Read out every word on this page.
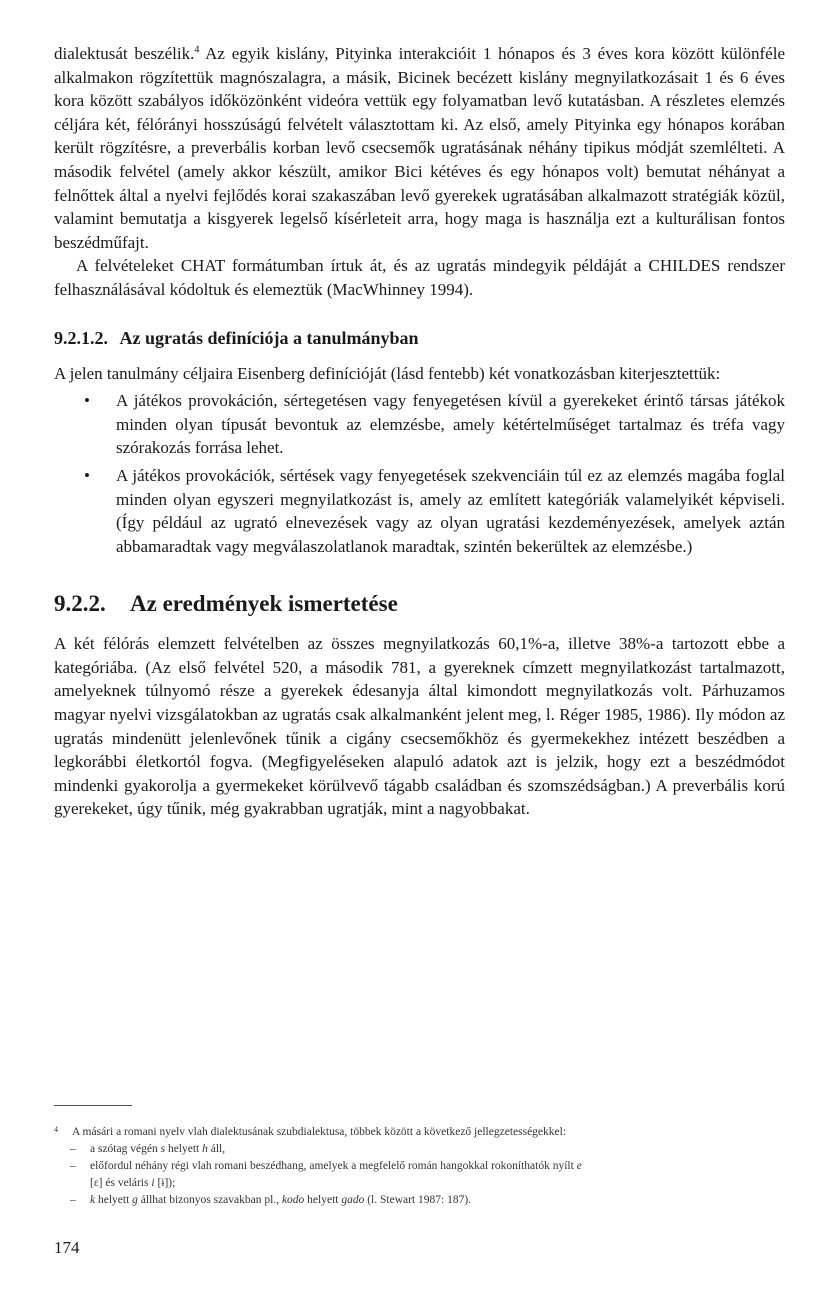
dialektusát beszélik.$^4$ Az egyik kislány, Pityinka interakcióit 1 hónapos és 3 éves kora között különféle alkalmakon rögzítettük magnószalagra, a másik, Bicinek becézett kislány megnyilatkozásait 1 és 6 éves kora között szabályos időközönként videóra vettük egy folyamatban levő kutatásban. A részletes elemzés céljára két, félórányi hosszúságú felvételt választottam ki. Az első, amely Pityinka egy hónapos korában került rögzítésre, a preverbális korban levő csecsemők ugratásának néhány tipikus módját szemlélteti. A második felvétel (amely akkor készült, amikor Bici kétéves és egy hónapos volt) bemutat néhányat a felnőttek által a nyelvi fejlődés korai szakaszában levő gyerekek ugratásában alkalmazott stratégiák közül, valamint bemutatja a kisgyerek legelső kísérleteit arra, hogy maga is használja ezt a kulturálisan fontos beszédműfajt.

A felvételeket CHAT formátumban írtuk át, és az ugratás mindegyik példáját a CHILDES rendszer felhasználásával kódoltuk és elemeztük (MacWhinney 1994).

9.2.1.2. Az ugratás definíciója a tanulmányban

A jelen tanulmány céljaira Eisenberg definícióját (lásd fentebb) két vonatkozásban kiterjesztettük:

• A játékos provokáción, sértegetésen vagy fenyegetésen kívül a gyerekeket érintő társas játékok minden olyan típusát bevontuk az elemzésbe, amely kétértelműséget tartalmaz és tréfa vagy szórakozás forrása lehet.
• A játékos provokációk, sértések vagy fenyegetések szekvenciáin túl ez az elemzés magába foglal minden olyan egyszeri megnyilatkozást is, amely az említett kategóriák valamelyikét képviseli. (Így például az ugrató elnevezések vagy az olyan ugratási kezdeményezések, amelyek aztán abbamaradtak vagy megválaszolatlanok maradtak, szintén bekerültek az elemzésbe.)
9.2.2. Az eredmények ismertetése

A két félórás elemzett felvételben az összes megnyilatkozás 60,1%-a, illetve 38%-a tartozott ebbe a kategóriába. (Az első felvétel 520, a második 781, a gyereknek címzett megnyilatkozást tartalmazott, amelyeknek túlnyomó része a gyerekek édesanyja által kimondott megnyilatkozás volt. Párhuzamos magyar nyelvi vizsgálatokban az ugratás csak alkalmanként jelent meg, l. Réger 1985, 1986). Ily módon az ugratás mindenütt jelenlevőnek tűnik a cigány csecsemőkhöz és gyermekekhez intézett beszédben a legkorábbi életkortól fogva. (Megfigyeléseken alapuló adatok azt is jelzik, hogy ezt a beszédmódot mindenki gyakorolja a gyermekeket körülvevő tágabb családban és szomszédságban.) A preverbális korú gyerekeket, úgy tűnik, még gyakrabban ugratják, mint a nagyobbakat.

4 A másári a romani nyelv vlah dialektusának szubdialektusa, többek között a következő jellegzetességekkel:
– a szótag végén s helyett h áll,
– előfordul néhány régi vlah romani beszédhang, amelyek a megfelelő román hangokkal rokoníthatók nyílt e
[ɛ] és veláris i [ɨ]);
– k helyett g állhat bizonyos szavakban pl., kodo helyett gado (l. Stewart 1987: 187).
174
